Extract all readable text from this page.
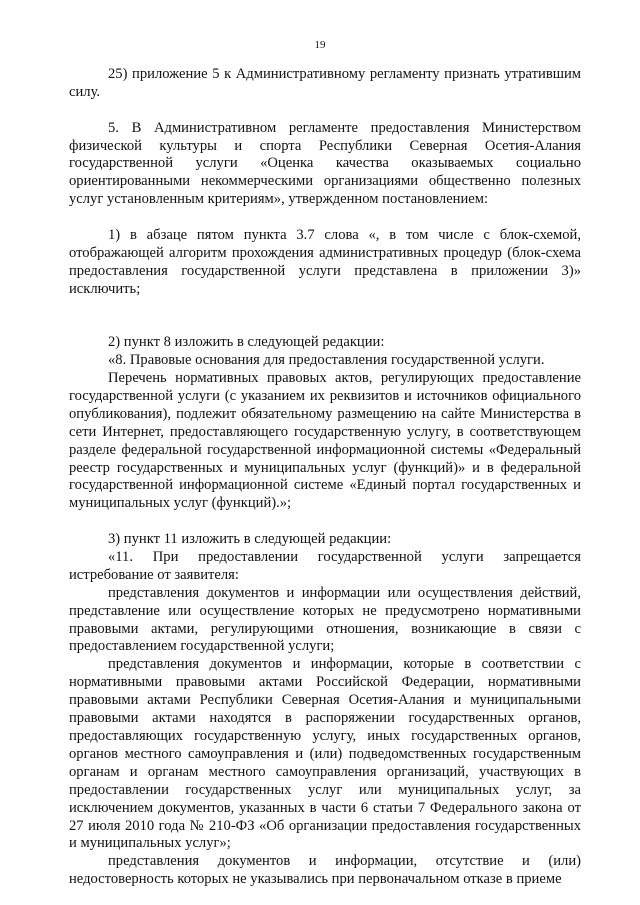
19

25) приложение 5 к Административному регламенту признать утратившим силу.

5. В Административном регламенте предоставления Министерством физической культуры и спорта Республики Северная Осетия-Алания государственной услуги «Оценка качества оказываемых социально ориентированными некоммерческими организациями общественно полезных услуг установленным критериям», утвержденном постановлением:

1) в абзаце пятом пункта 3.7 слова «, в том числе с блок-схемой, отображающей алгоритм прохождения административных процедур (блок-схема предоставления государственной услуги представлена в приложении 3)» исключить;

2) пункт 8 изложить в следующей редакции:

«8. Правовые основания для предоставления государственной услуги.

Перечень нормативных правовых актов, регулирующих предоставление государственной услуги (с указанием их реквизитов и источников официального опубликования), подлежит обязательному размещению на сайте Министерства в сети Интернет, предоставляющего государственную услугу, в соответствующем разделе федеральной государственной информационной системы «Федеральный реестр государственных и муниципальных услуг (функций)» и в федеральной государственной информационной системе «Единый портал государственных и муниципальных услуг (функций).»;

3) пункт 11 изложить в следующей редакции:

«11. При предоставлении государственной услуги запрещается истребование от заявителя:

представления документов и информации или осуществления действий, представление или осуществление которых не предусмотрено нормативными правовыми актами, регулирующими отношения, возникающие в связи с предоставлением государственной услуги;

представления документов и информации, которые в соответствии с нормативными правовыми актами Российской Федерации, нормативными правовыми актами Республики Северная Осетия-Алания и муниципальными правовыми актами находятся в распоряжении государственных органов, предоставляющих государственную услугу, иных государственных органов, органов местного самоуправления и (или) подведомственных государственным органам и органам местного самоуправления организаций, участвующих в предоставлении государственных услуг или муниципальных услуг, за исключением документов, указанных в части 6 статьи 7 Федерального закона от 27 июля 2010 года № 210-ФЗ «Об организации предоставления государственных и муниципальных услуг»;

представления документов и информации, отсутствие и (или) недостоверность которых не указывались при первоначальном отказе в приеме
